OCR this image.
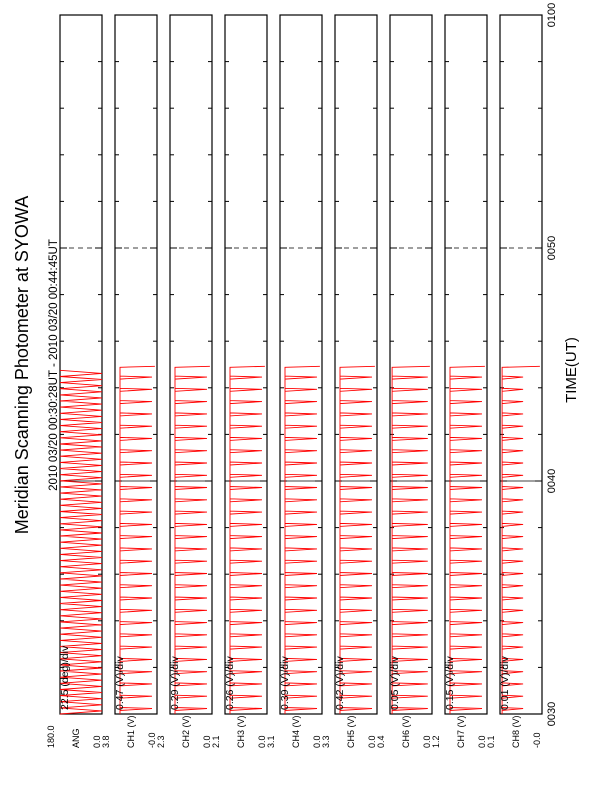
Meridian Scanning Photometer at SYOWA 2010 03/20 00:30:28UT - 2010 03/20 00:44:45UT	TIME(UT)
22.5 (deg)/div
180.0	0.0
ANG
0.47 (V)/div
3.8	-0.0
CH1 (V)
0.29 (V)/div
2.3	0.0
CH2 (V)
0.26 (V)/div
2.1	0.0
CH3 (V)
0.39 (V)/div
3.1	0.0
CH4 (V)
0.42 (V)/div
3.3	0.0
CH5 (V)
0.05 (V)/div
0.4	0.0
CH6 (V)
0.15 (V)/div
1.2	0.0
CH7 (V)
0.01 (V)/div
0.1	-0.0
CH8 (V)
0030
0040
0050
0100
